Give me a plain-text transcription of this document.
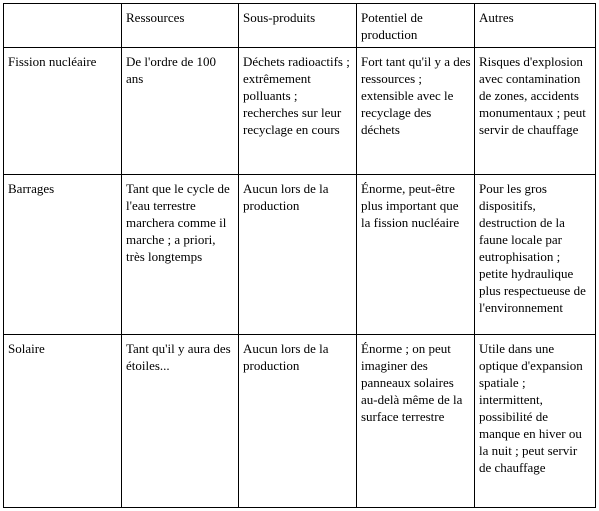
	Ressources	Sous-produits	Potentiel de production	Autres
Fission nucléaire	De l'ordre de 100 ans	Déchets radioactifs ; extrêmement polluants ; recherches sur leur recyclage en cours	Fort tant qu'il y a des ressources ; extensible avec le recyclage des déchets	Risques d'explosion avec contamination de zones, accidents monumentaux ; peut servir de chauffage
Barrages	Tant que le cycle de l'eau terrestre marchera comme il marche ; a priori, très longtemps	Aucun lors de la production	Énorme, peut-être plus important que la fission nucléaire	Pour les gros dispositifs, destruction de la faune locale par eutrophisation ; petite hydraulique plus respectueuse de l'environnement
Solaire	Tant qu'il y aura des étoiles...	Aucun lors de la production	Énorme ; on peut imaginer des panneaux solaires au-delà même de la surface terrestre	Utile dans une optique d'expansion spatiale ; intermittent, possibilité de manque en hiver ou la nuit ; peut servir de chauffage
